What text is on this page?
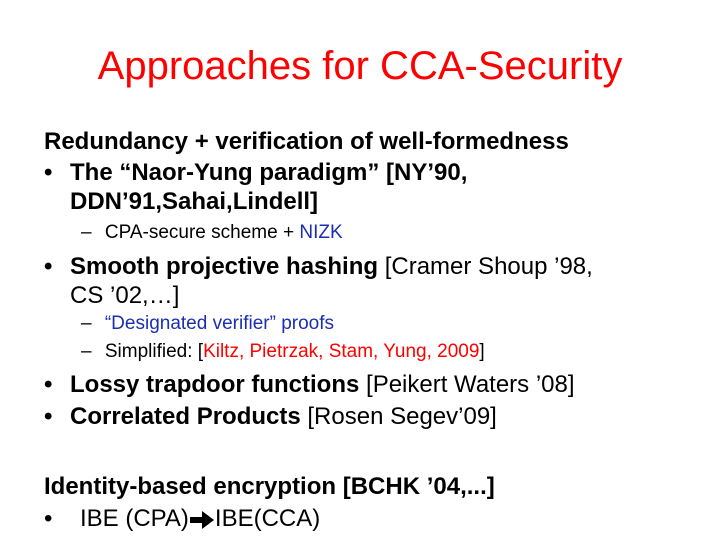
Approaches for CCA-Security
Redundancy + verification of well-formedness
• The “Naor-Yung paradigm” [NY’90,
DDN’91,Sahai,Lindell]
– CPA-secure scheme + NIZK
• Smooth projective hashing [Cramer Shoup ’98,
CS ’02,…]
– “Designated verifier” proofs
– Simplified: [Kiltz, Pietrzak, Stam, Yung, 2009]
• Lossy trapdoor functions [Peikert Waters ’08]
• Correlated Products [Rosen Segev’09]
Identity-based encryption [BCHK ’04,...]
• IBE (CPA) IBE(CCA)
